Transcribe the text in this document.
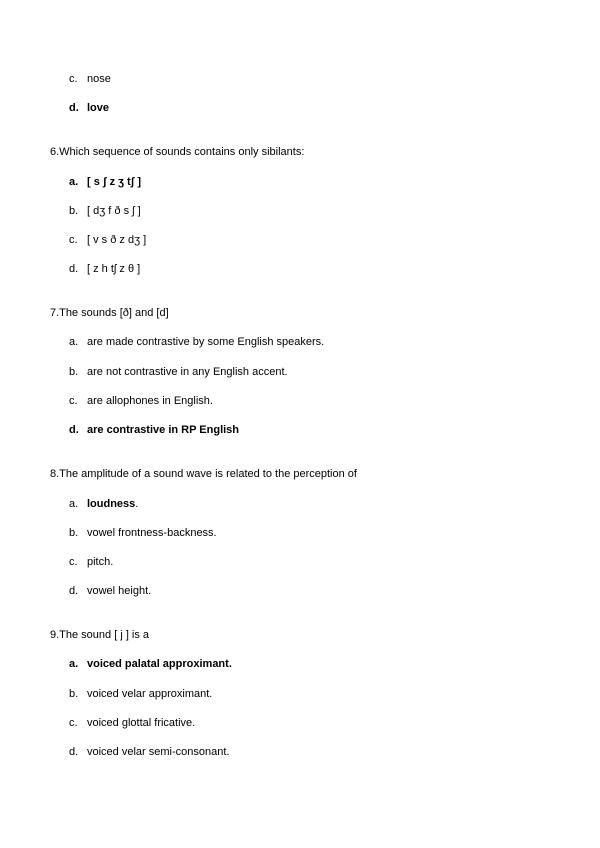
c. nose
d. love
6.Which sequence of sounds contains only sibilants:
a. [ s ʃ z ʒ tʃ ]
b. [ dʒ f ð s ʃ ]
c. [ v s ð z dʒ ]
d. [ z h tʃ z θ ]
7.The sounds [ð] and [d]
a. are made contrastive by some English speakers.
b. are not contrastive in any English accent.
c. are allophones in English.
d. are contrastive in RP English
8.The amplitude of a sound wave is related to the perception of
a. loudness.
b. vowel frontness-backness.
c. pitch.
d. vowel height.
9.The sound [ j ] is a
a. voiced palatal approximant.
b. voiced velar approximant.
c. voiced glottal fricative.
d. voiced velar semi-consonant.
